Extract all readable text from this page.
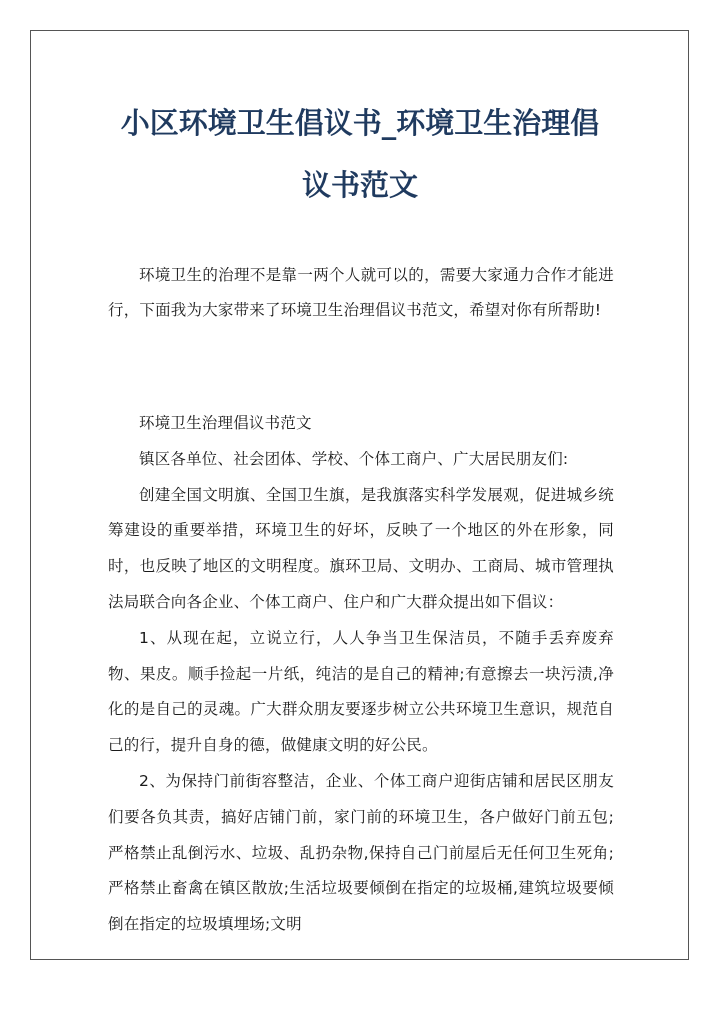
小区环境卫生倡议书_环境卫生治理倡
议书范文

环境卫生的治理不是靠一两个人就可以的，需要大家通力合作才能进行，下面我为大家带来了环境卫生治理倡议书范文，希望对你有所帮助!

环境卫生治理倡议书范文

镇区各单位、社会团体、学校、个体工商户、广大居民朋友们:

创建全国文明旗、全国卫生旗，是我旗落实科学发展观，促进城乡统筹建设的重要举措，环境卫生的好坏，反映了一个地区的外在形象，同时，也反映了地区的文明程度。旗环卫局、文明办、工商局、城市管理执法局联合向各企业、个体工商户、住户和广大群众提出如下倡议：

1、从现在起，立说立行，人人争当卫生保洁员，不随手丢弃废弃物、果皮。顺手捡起一片纸，纯洁的是自己的精神;有意擦去一块污渍,净化的是自己的灵魂。广大群众朋友要逐步树立公共环境卫生意识，规范自己的行，提升自身的德，做健康文明的好公民。

2、为保持门前街容整洁，企业、个体工商户迎街店铺和居民区朋友们要各负其责，搞好店铺门前，家门前的环境卫生，各户做好门前五包;严格禁止乱倒污水、垃圾、乱扔杂物,保持自己门前屋后无任何卫生死角;严格禁止畜禽在镇区散放;生活垃圾要倾倒在指定的垃圾桶,建筑垃圾要倾倒在指定的垃圾填埋场;文明
